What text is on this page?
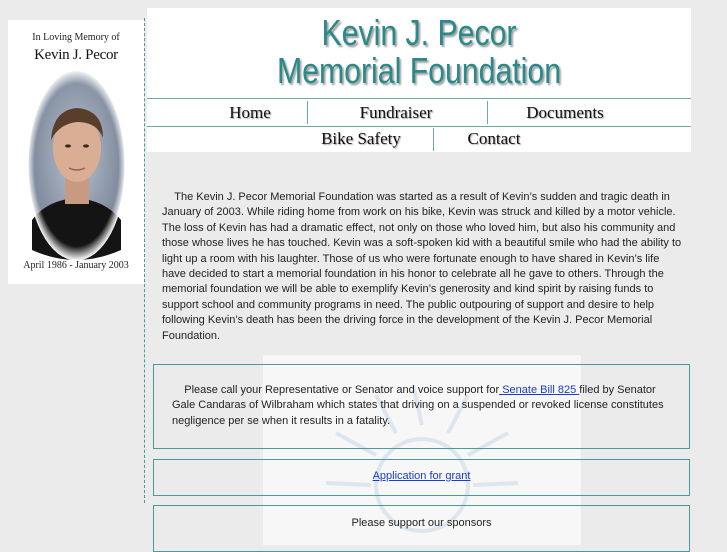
In Loving Memory of
Kevin J. Pecor
April 1986 - January 2003
Kevin J. Pecor
Memorial Foundation
Home	Fundraiser	Documents
Bike Safety	Contact
The Kevin J. Pecor Memorial Foundation was started as a result of Kevin’s sudden and tragic death in January of 2003. While riding home from work on his bike, Kevin was struck and killed by a motor vehicle. The loss of Kevin has had a dramatic effect, not only on those who loved him, but also his community and those whose lives he has touched. Kevin was a soft-spoken kid with a beautiful smile who had the ability to light up a room with his laughter. Those of us who were fortunate enough to have shared in Kevin’s life have decided to start a memorial foundation in his honor to celebrate all he gave to others. Through the memorial foundation we will be able to exemplify Kevin’s generosity and kind spirit by raising funds to support school and community programs in need. The public outpouring of support and desire to help following Kevin’s death has been the driving force in the development of the Kevin J. Pecor Memorial Foundation.
Please call your Representative or Senator and voice support for Senate Bill 825 filed by Senator Gale Candaras of Wilbraham which states that driving on a suspended or revoked license constitutes negligence per se when it results in a fatality.
Application for grant
Please support our sponsors
